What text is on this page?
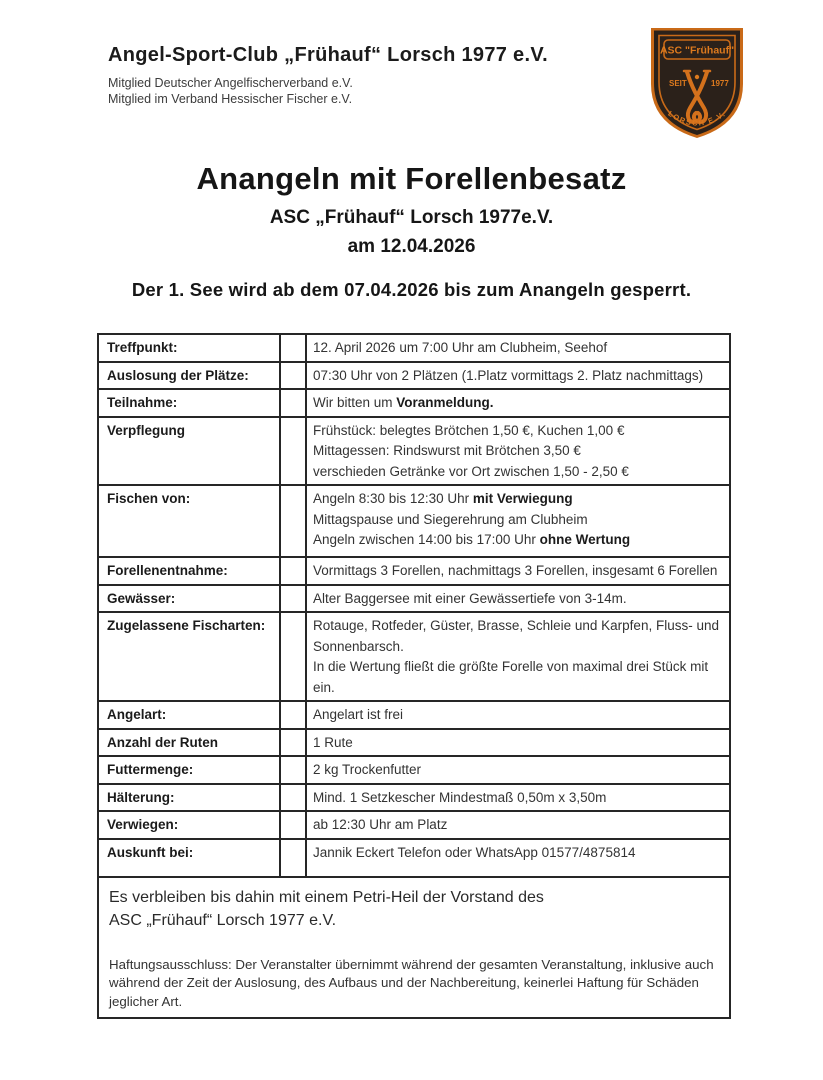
Angel-Sport-Club „Frühauf“ Lorsch 1977 e.V.
Mitglied Deutscher Angelfischerverband e.V.
Mitglied im Verband Hessischer Fischer e.V.
ASC "Frühauf"
SEIT	1977
LORSCH E.V.
Anangeln mit Forellenbesatz
ASC „Frühauf“ Lorsch 1977e.V.
am 12.04.2026
Der 1. See wird ab dem 07.04.2026 bis zum Anangeln gesperrt.
Treffpunkt:		12. April 2026 um 7:00 Uhr am Clubheim, Seehof

Auslosung der Plätze:		07:30 Uhr von 2 Plätzen (1.Platz vormittags 2. Platz nachmittags)

Teilnahme:		Wir bitten um Voranmeldung.

Verpflegung		Frühstück: belegtes Brötchen 1,50 €, Kuchen 1,00 €
Mittagessen: Rindswurst mit Brötchen 3,50 €
verschieden Getränke vor Ort zwischen 1,50 - 2,50 €

Fischen von:		Angeln 8:30 bis 12:30 Uhr mit Verwiegung
Mittagspause und Siegerehrung am Clubheim
Angeln zwischen 14:00 bis 17:00 Uhr ohne Wertung

Forellenentnahme:		Vormittags 3 Forellen, nachmittags 3 Forellen, insgesamt 6 Forellen

Gewässer:		Alter Baggersee mit einer Gewässertiefe von 3-14m.

Zugelassene Fischarten:		Rotauge, Rotfeder, Güster, Brasse, Schleie und Karpfen, Fluss- und
Sonnenbarsch.
In die Wertung fließt die größte Forelle von maximal drei Stück mit ein.

Angelart:		Angelart ist frei

Anzahl der Ruten		1 Rute

Futtermenge:		2 kg Trockenfutter

Hälterung:		Mind. 1 Setzkescher Mindestmaß 0,50m x 3,50m

Verwiegen:		ab 12:30 Uhr am Platz

Auskunft bei:		Jannik Eckert Telefon oder WhatsApp 01577/4875814

Es verbleiben bis dahin mit einem Petri-Heil der Vorstand des
ASC „Frühauf“ Lorsch 1977 e.V.
Haftungsausschluss: Der Veranstalter übernimmt während der gesamten Veranstaltung, inklusive auch während der Zeit der Auslosung, des Aufbaus und der Nachbereitung, keinerlei Haftung für Schäden jeglicher Art.		
